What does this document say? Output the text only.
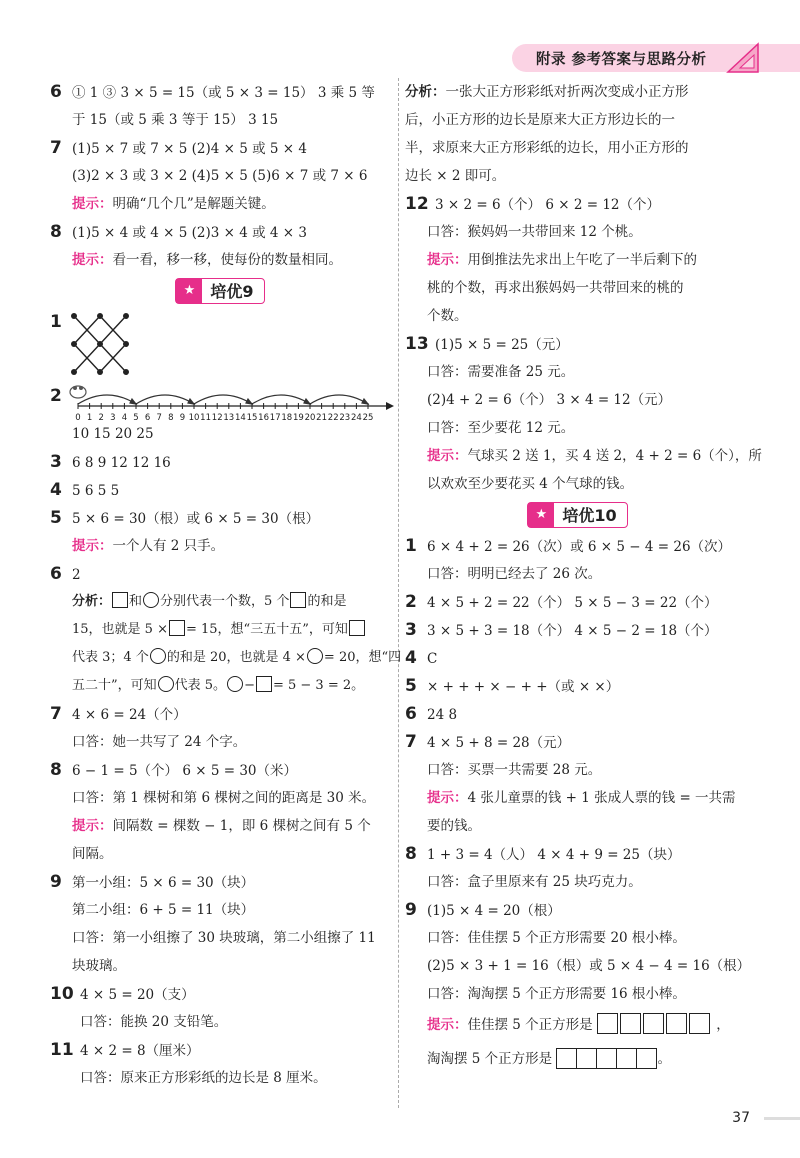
附录 参考答案与思路分析
6 ① 1 ③ 3 × 5 = 15（或 5 × 3 = 15） 3 乘 5 等
于 15（或 5 乘 3 等于 15） 3 15
7 (1)5 × 7 或 7 × 5 (2)4 × 5 或 5 × 4
(3)2 × 3 或 3 × 2 (4)5 × 5 (5)6 × 7 或 7 × 6
提示：明确“几个几”是解题关键。
8 (1)5 × 4 或 4 × 5 (2)3 × 4 或 4 × 3
提示：看一看，移一移，使每份的数量相同。
★ 培优9
1
2
0 1 2 3 4 5 6 7 8 9 10 11 12 13 14 15 16 17 18 19 20 21 22 23 24 25
10 15 20 25
3 6 8 9 12 12 16
4 5 6 5 5
5 5 × 6 = 30（根）或 6 × 5 = 30（根）
提示：一个人有 2 只手。
6 2
分析： 和 分别代表一个数，5 个 的和是
15，也就是 5 × = 15，想“三五十五”，可知
代表 3；4 个 的和是 20，也就是 4 × = 20，想“四
五二十”，可知 代表 5。 − = 5 − 3 = 2。
7 4 × 6 = 24（个）
口答：她一共写了 24 个字。
8 6 − 1 = 5（个） 6 × 5 = 30（米）
口答：第 1 棵树和第 6 棵树之间的距离是 30 米。
提示：间隔数 = 棵数 − 1，即 6 棵树之间有 5 个
间隔。
9 第一小组：5 × 6 = 30（块）
第二小组：6 + 5 = 11（块）
口答：第一小组擦了 30 块玻璃，第二小组擦了 11
块玻璃。
10 4 × 5 = 20（支）
口答：能换 20 支铅笔。
11 4 × 2 = 8（厘米）
口答：原来正方形彩纸的边长是 8 厘米。
分析：一张大正方形彩纸对折两次变成小正方形
后，小正方形的边长是原来大正方形边长的一
半，求原来大正方形彩纸的边长，用小正方形的
边长 × 2 即可。
12 3 × 2 = 6（个） 6 × 2 = 12（个）
口答：猴妈妈一共带回来 12 个桃。
提示：用倒推法先求出上午吃了一半后剩下的
桃的个数，再求出猴妈妈一共带回来的桃的
个数。
13 (1)5 × 5 = 25（元）
口答：需要准备 25 元。
(2)4 + 2 = 6（个） 3 × 4 = 12（元）
口答：至少要花 12 元。
提示：气球买 2 送 1，买 4 送 2，4 + 2 = 6（个），所
以欢欢至少要花买 4 个气球的钱。
★ 培优10
1 6 × 4 + 2 = 26（次）或 6 × 5 − 4 = 26（次）
口答：明明已经去了 26 次。
2 4 × 5 + 2 = 22（个） 5 × 5 − 3 = 22（个）
3 3 × 5 + 3 = 18（个） 4 × 5 − 2 = 18（个）
4 C
5 × + + + × − + +（或 × ×）
6 24 8
7 4 × 5 + 8 = 28（元）
口答：买票一共需要 28 元。
提示：4 张儿童票的钱 + 1 张成人票的钱 = 一共需
要的钱。
8 1 + 3 = 4（人） 4 × 4 + 9 = 25（块）
口答：盒子里原来有 25 块巧克力。
9 (1)5 × 4 = 20（根）
口答：佳佳摆 5 个正方形需要 20 根小棒。
(2)5 × 3 + 1 = 16（根）或 5 × 4 − 4 = 16（根）
口答：淘淘摆 5 个正方形需要 16 根小棒。
提示：佳佳摆 5 个正方形是	，
淘淘摆 5 个正方形是	。
37
